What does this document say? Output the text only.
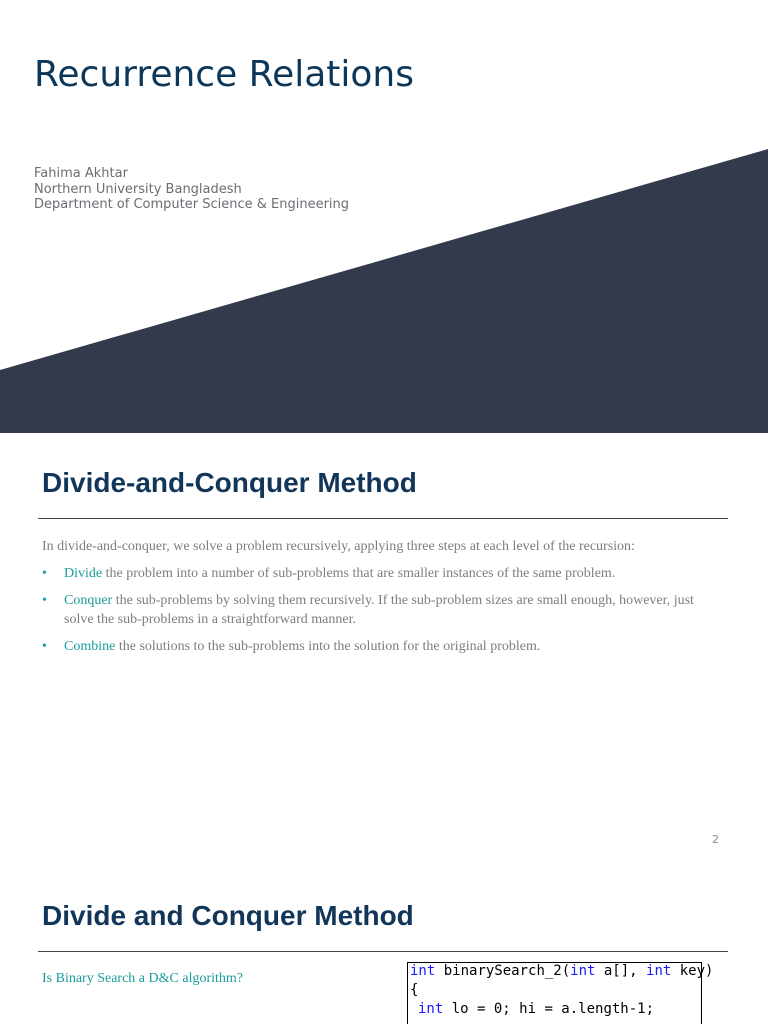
Recurrence Relations
Fahima Akhtar
Northern University Bangladesh
Department of Computer Science & Engineering
Divide-and-Conquer Method

In divide-and-conquer, we solve a problem recursively, applying three steps at each level of the recursion:

• Divide the problem into a number of sub-problems that are smaller instances of the same problem.
• Conquer the sub-problems by solving them recursively. If the sub-problem sizes are small enough, however, just solve the sub-problems in a straightforward manner.
• Combine the solutions to the sub-problems into the solution for the original problem.
2
Divide and Conquer Method
Is Binary Search a D&C algorithm?	int binarySearch_2(int a[], int key)
{
int lo = 0; hi = a.length-1;
